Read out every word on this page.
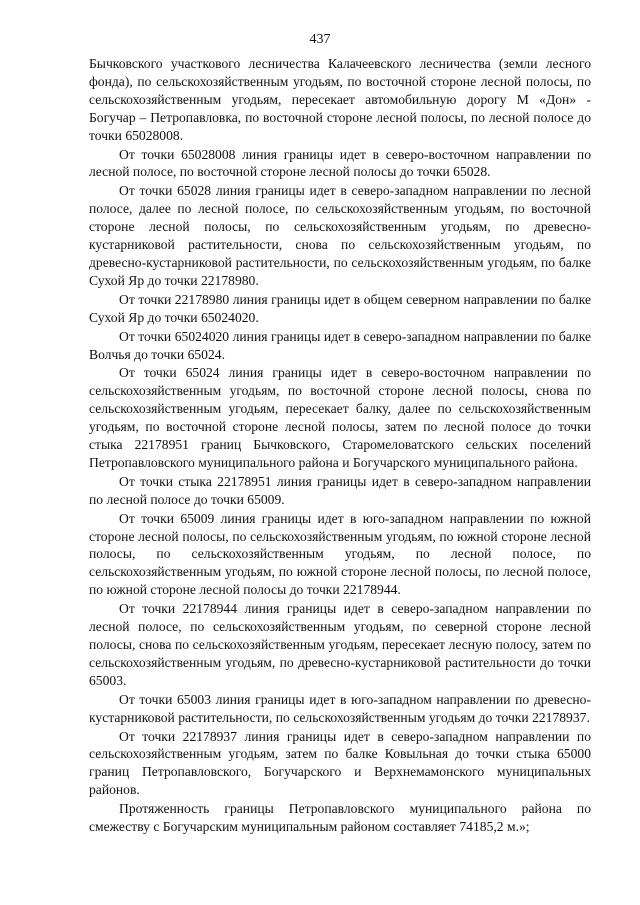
437

Бычковского участкового лесничества Калачеевского лесничества (земли лесного фонда), по сельскохозяйственным угодьям, по восточной стороне лесной полосы, по сельскохозяйственным угодьям, пересекает автомобильную дорогу М «Дон» - Богучар – Петропавловка, по восточной стороне лесной полосы, по лесной полосе до точки 65028008.

От точки 65028008 линия границы идет в северо-восточном направлении по лесной полосе, по восточной стороне лесной полосы до точки 65028.

От точки 65028 линия границы идет в северо-западном направлении по лесной полосе, далее по лесной полосе, по сельскохозяйственным угодьям, по восточной стороне лесной полосы, по сельскохозяйственным угодьям, по древесно-кустарниковой растительности, снова по сельскохозяйственным угодьям, по древесно-кустарниковой растительности, по сельскохозяйственным угодьям, по балке Сухой Яр до точки 22178980.

От точки 22178980 линия границы идет в общем северном направлении по балке Сухой Яр до точки 65024020.

От точки 65024020 линия границы идет в северо-западном направлении по балке Волчья до точки 65024.

От точки 65024 линия границы идет в северо-восточном направлении по сельскохозяйственным угодьям, по восточной стороне лесной полосы, снова по сельскохозяйственным угодьям, пересекает балку, далее по сельскохозяйственным угодьям, по восточной стороне лесной полосы, затем по лесной полосе до точки стыка 22178951 границ Бычковского, Старомеловатского сельских поселений Петропавловского муниципального района и Богучарского муниципального района.

От точки стыка 22178951 линия границы идет в северо-западном направлении по лесной полосе до точки 65009.

От точки 65009 линия границы идет в юго-западном направлении по южной стороне лесной полосы, по сельскохозяйственным угодьям, по южной стороне лесной полосы, по сельскохозяйственным угодьям, по лесной полосе, по сельскохозяйственным угодьям, по южной стороне лесной полосы, по лесной полосе, по южной стороне лесной полосы до точки 22178944.

От точки 22178944 линия границы идет в северо-западном направлении по лесной полосе, по сельскохозяйственным угодьям, по северной стороне лесной полосы, снова по сельскохозяйственным угодьям, пересекает лесную полосу, затем по сельскохозяйственным угодьям, по древесно-кустарниковой растительности до точки 65003.

От точки 65003 линия границы идет в юго-западном направлении по древесно-кустарниковой растительности, по сельскохозяйственным угодьям до точки 22178937.

От точки 22178937 линия границы идет в северо-западном направлении по сельскохозяйственным угодьям, затем по балке Ковыльная до точки стыка 65000 границ Петропавловского, Богучарского и Верхнемамонского муниципальных районов.

Протяженность границы Петропавловского муниципального района по смежеству с Богучарским муниципальным районом составляет 74185,2 м.»;
